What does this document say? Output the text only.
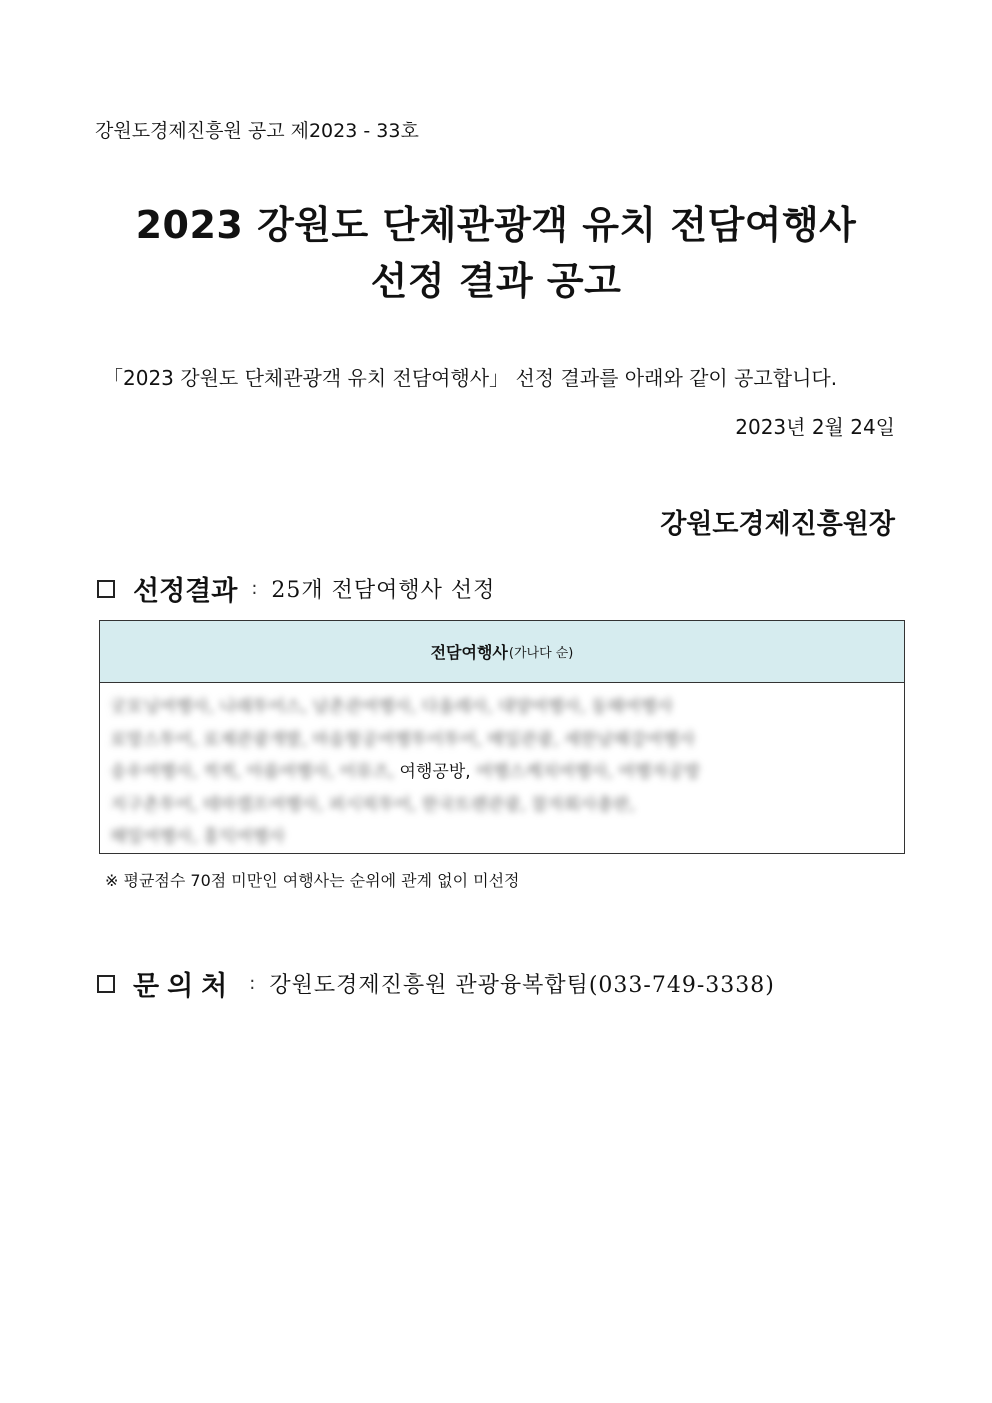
강원도경제진흥원 공고 제2023 - 33호
2023 강원도 단체관광객 유치 전담여행사
선정 결과 공고
「2023 강원도 단체관광객 유치 전담여행사」 선정 결과를 아래와 같이 공고합니다.
2023년 2월 24일
강원도경제진흥원장
선정결과 : 25개 전담여행사 선정
전담여행사 (가나다 순)
굿모닝여행사, 나래투어스, 남촌관여행사, 다올레사, 대양여행사, 동해여행사
로망스투어, 로제관광개발, 마음항공여행투어투어, 매일관광, 세한남해강여행사
송우여행사, 씩씩, 아름여행사, 어뮤즈, 여행공방, 여행스케치여행사, 여행자공방
지구촌투어, 테마캠프여행사, 퍼시픽투어, 한국트렌관광, 참자회사총판,
해밀여행사, 홍익여행사
※ 평균점수 70점 미만인 여행사는 순위에 관계 없이 미선정
문의처 : 강원도경제진흥원 관광융복합팀(033-749-3338)
